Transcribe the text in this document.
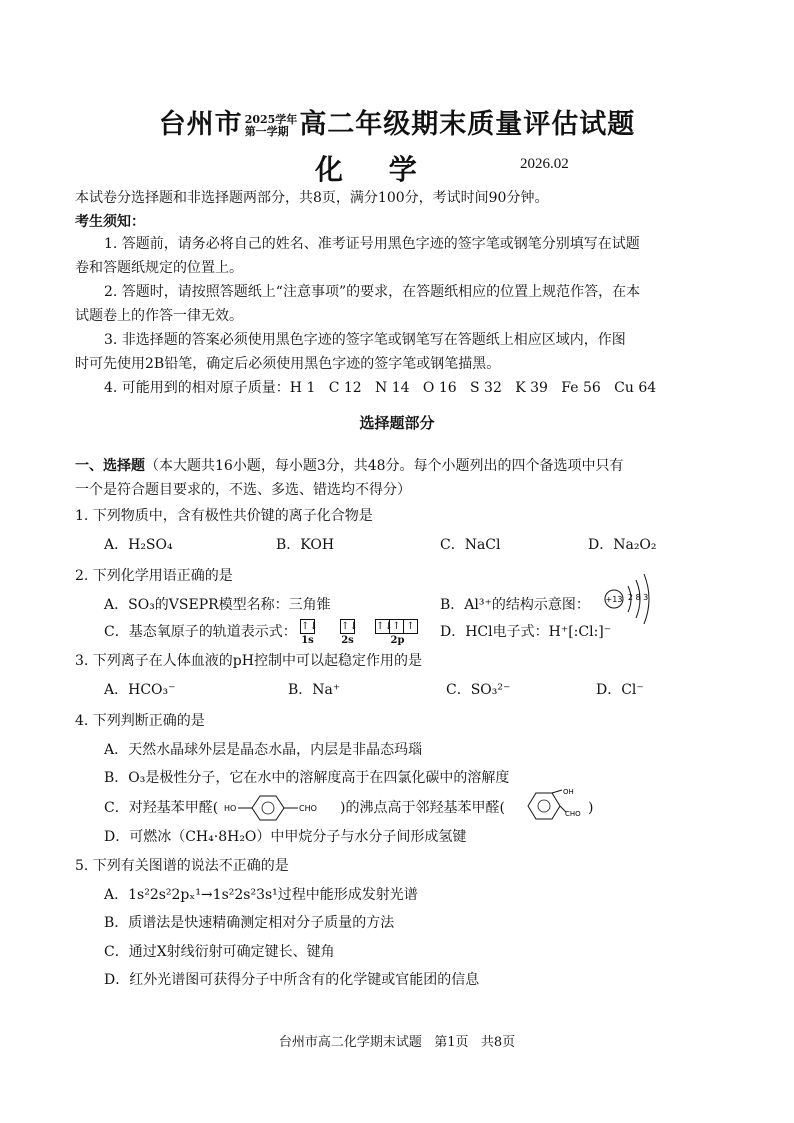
台州市 2025学年
第一学期 高二年级期末质量评估试题
化 学	2026.02
本试卷分选择题和非选择题两部分，共8页，满分100分，考试时间90分钟。
考生须知：
1. 答题前，请务必将自己的姓名、准考证号用黑色字迹的签字笔或钢笔分别填写在试题
卷和答题纸规定的位置上。
2. 答题时，请按照答题纸上“注意事项”的要求，在答题纸相应的位置上规范作答，在本
试题卷上的作答一律无效。
3. 非选择题的答案必须使用黑色字迹的签字笔或钢笔写在答题纸上相应区域内，作图
时可先使用2B铅笔，确定后必须使用黑色字迹的签字笔或钢笔描黑。
4. 可能用到的相对原子质量：H 1   C 12   N 14   O 16   S 32   K 39   Fe 56   Cu 64
选择题部分
一、选择题（本大题共16小题，每小题3分，共48分。每个小题列出的四个备选项中只有
一个是符合题目要求的，不选、多选、错选均不得分）
1. 下列物质中，含有极性共价键的离子化合物是
A．H₂SO₄	B．KOH	C．NaCl	D．Na₂O₂
2. 下列化学用语正确的是
A．SO₃的VSEPR模型名称：三角锥	B．Al³⁺的结构示意图： +13 2 8 3
C．基态氧原子的轨道表示式： ↑↓
1s
↑↓
2s
↑↓↑ ↑
2p
D．HCl电子式：H⁺[:Cl:]⁻
3. 下列离子在人体血液的pH控制中可以起稳定作用的是
A．HCO₃⁻	B．Na⁺	C．SO₃²⁻	D．Cl⁻
4. 下列判断正确的是
A．天然水晶球外层是晶态水晶，内层是非晶态玛瑙
B．O₃是极性分子，它在水中的溶解度高于在四氯化碳中的溶解度
C．对羟基苯甲醛( HO	CHO )的沸点高于邻羟基苯甲醛(
OH
CHO )
D．可燃冰（CH₄·8H₂O）中甲烷分子与水分子间形成氢键
5. 下列有关图谱的说法不正确的是
A．1s²2s²2pₓ¹→1s²2s²3s¹过程中能形成发射光谱
B．质谱法是快速精确测定相对分子质量的方法
C．通过X射线衍射可确定键长、键角
D．红外光谱图可获得分子中所含有的化学键或官能团的信息
台州市高二化学期末试题   第1页   共8页
